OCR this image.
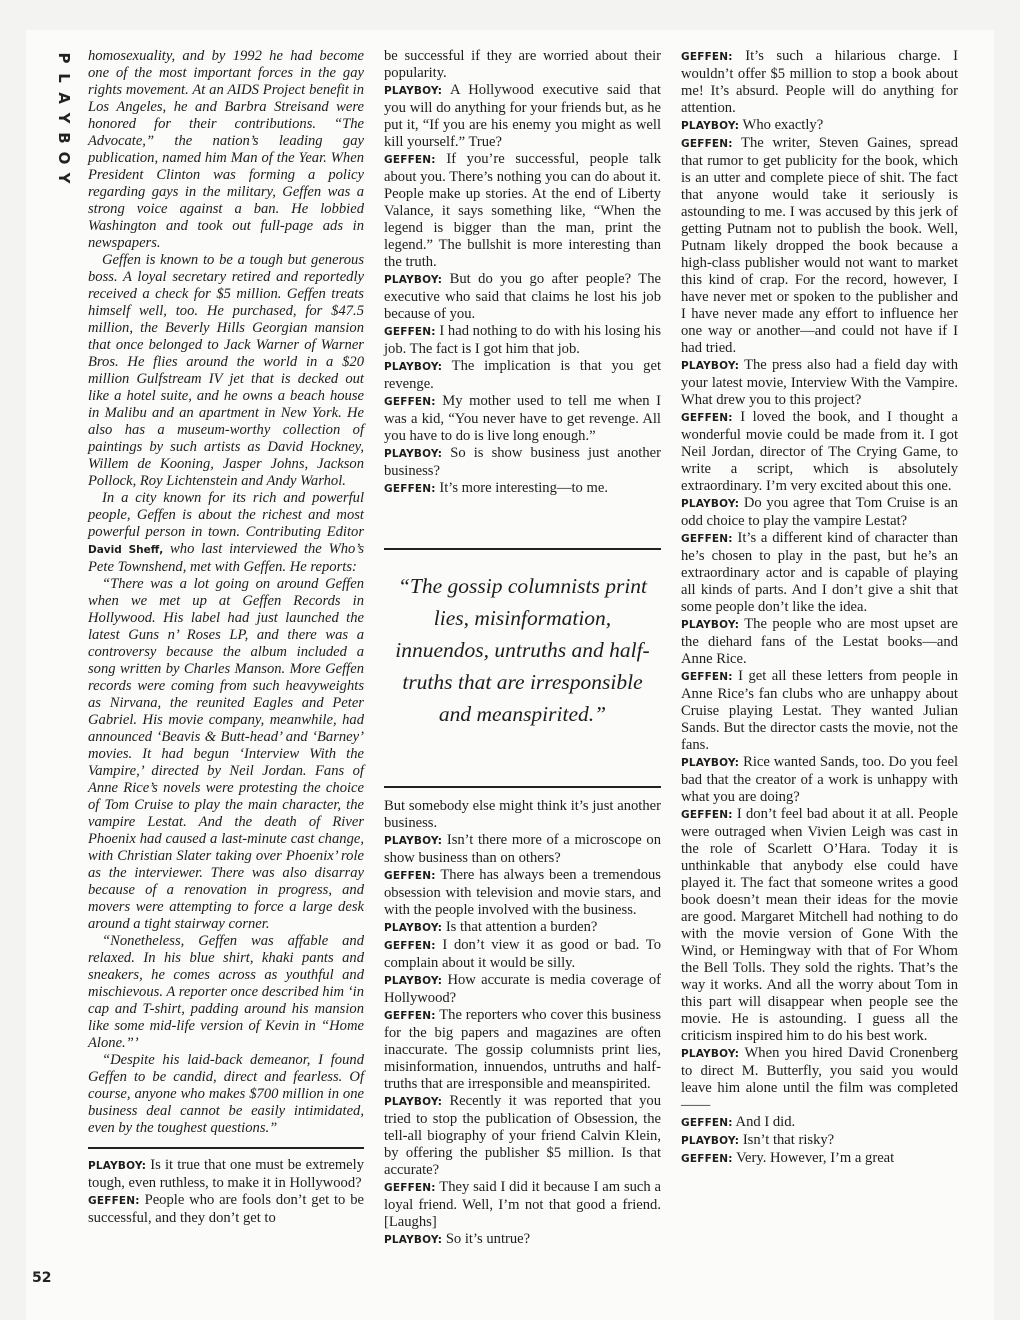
P
L
A
Y
B
O
Y

homosexuality, and by 1992 he had become one of the most important forces in the gay rights movement. At an AIDS Project benefit in Los Angeles, he and Barbra Streisand were honored for their contributions. “The Advocate,” the nation’s leading gay publication, named him Man of the Year. When President Clinton was forming a policy regarding gays in the military, Geffen was a strong voice against a ban. He lobbied Washington and took out full-page ads in newspapers.

Geffen is known to be a tough but generous boss. A loyal secretary retired and reportedly received a check for $5 million. Geffen treats himself well, too. He purchased, for $47.5 million, the Beverly Hills Georgian mansion that once belonged to Jack Warner of Warner Bros. He flies around the world in a $20 million Gulfstream IV jet that is decked out like a hotel suite, and he owns a beach house in Malibu and an apartment in New York. He also has a museum-worthy collection of paintings by such artists as David Hockney, Willem de Kooning, Jasper Johns, Jackson Pollock, Roy Lichtenstein and Andy Warhol.

In a city known for its rich and powerful people, Geffen is about the richest and most powerful person in town. Contributing Editor David Sheff, who last interviewed the Who’s Pete Townshend, met with Geffen. He reports:

“There was a lot going on around Geffen when we met up at Geffen Records in Hollywood. His label had just launched the latest Guns n’ Roses LP, and there was a controversy because the album included a song written by Charles Manson. More Geffen records were coming from such heavyweights as Nirvana, the reunited Eagles and Peter Gabriel. His movie company, meanwhile, had announced ‘Beavis & Butt-head’ and ‘Barney’ movies. It had begun ‘Interview With the Vampire,’ directed by Neil Jordan. Fans of Anne Rice’s novels were protesting the choice of Tom Cruise to play the main character, the vampire Lestat. And the death of River Phoenix had caused a last-minute cast change, with Christian Slater taking over Phoenix’ role as the interviewer. There was also disarray because of a renovation in progress, and movers were attempting to force a large desk around a tight stairway corner.

“Nonetheless, Geffen was affable and relaxed. In his blue shirt, khaki pants and sneakers, he comes across as youthful and mischievous. A reporter once described him ‘in cap and T-shirt, padding around his mansion like some mid-life version of Kevin in “Home Alone.”’

“Despite his laid-back demeanor, I found Geffen to be candid, direct and fearless. Of course, anyone who makes $700 million in one business deal cannot be easily intimidated, even by the toughest questions.”

PLAYBOY: Is it true that one must be extremely tough, even ruthless, to make it in Hollywood?

GEFFEN: People who are fools don’t get to be successful, and they don’t get to

be successful if they are worried about their popularity.

PLAYBOY: A Hollywood executive said that you will do anything for your friends but, as he put it, “If you are his enemy you might as well kill yourself.” True?

GEFFEN: If you’re successful, people talk about you. There’s nothing you can do about it. People make up stories. At the end of Liberty Valance, it says something like, “When the legend is bigger than the man, print the legend.” The bullshit is more interesting than the truth.

PLAYBOY: But do you go after people? The executive who said that claims he lost his job because of you.

GEFFEN: I had nothing to do with his losing his job. The fact is I got him that job.

PLAYBOY: The implication is that you get revenge.

GEFFEN: My mother used to tell me when I was a kid, “You never have to get revenge. All you have to do is live long enough.”

PLAYBOY: So is show business just another business?

GEFFEN: It’s more interesting—to me.

“The gossip columnists print lies, misinformation, innuendos, untruths and half-truths that are irresponsible and meanspirited.”

But somebody else might think it’s just another business.

PLAYBOY: Isn’t there more of a microscope on show business than on others?

GEFFEN: There has always been a tremendous obsession with television and movie stars, and with the people involved with the business.

PLAYBOY: Is that attention a burden?

GEFFEN: I don’t view it as good or bad. To complain about it would be silly.

PLAYBOY: How accurate is media coverage of Hollywood?

GEFFEN: The reporters who cover this business for the big papers and magazines are often inaccurate. The gossip columnists print lies, misinformation, innuendos, untruths and half-truths that are irresponsible and meanspirited.

PLAYBOY: Recently it was reported that you tried to stop the publication of Obsession, the tell-all biography of your friend Calvin Klein, by offering the publisher $5 million. Is that accurate?

GEFFEN: They said I did it because I am such a loyal friend. Well, I’m not that good a friend. [Laughs]

PLAYBOY: So it’s untrue?

GEFFEN: It’s such a hilarious charge. I wouldn’t offer $5 million to stop a book about me! It’s absurd. People will do anything for attention.

PLAYBOY: Who exactly?

GEFFEN: The writer, Steven Gaines, spread that rumor to get publicity for the book, which is an utter and complete piece of shit. The fact that anyone would take it seriously is astounding to me. I was accused by this jerk of getting Putnam not to publish the book. Well, Putnam likely dropped the book because a high-class publisher would not want to market this kind of crap. For the record, however, I have never met or spoken to the publisher and I have never made any effort to influence her one way or another—and could not have if I had tried.

PLAYBOY: The press also had a field day with your latest movie, Interview With the Vampire. What drew you to this project?

GEFFEN: I loved the book, and I thought a wonderful movie could be made from it. I got Neil Jordan, director of The Crying Game, to write a script, which is absolutely extraordinary. I’m very excited about this one.

PLAYBOY: Do you agree that Tom Cruise is an odd choice to play the vampire Lestat?

GEFFEN: It’s a different kind of character than he’s chosen to play in the past, but he’s an extraordinary actor and is capable of playing all kinds of parts. And I don’t give a shit that some people don’t like the idea.

PLAYBOY: The people who are most upset are the diehard fans of the Lestat books—and Anne Rice.

GEFFEN: I get all these letters from people in Anne Rice’s fan clubs who are unhappy about Cruise playing Lestat. They wanted Julian Sands. But the director casts the movie, not the fans.

PLAYBOY: Rice wanted Sands, too. Do you feel bad that the creator of a work is unhappy with what you are doing?

GEFFEN: I don’t feel bad about it at all. People were outraged when Vivien Leigh was cast in the role of Scarlett O’Hara. Today it is unthinkable that anybody else could have played it. The fact that someone writes a good book doesn’t mean their ideas for the movie are good. Margaret Mitchell had nothing to do with the movie version of Gone With the Wind, or Hemingway with that of For Whom the Bell Tolls. They sold the rights. That’s the way it works. And all the worry about Tom in this part will disappear when people see the movie. He is astounding. I guess all the criticism inspired him to do his best work.

PLAYBOY: When you hired David Cronenberg to direct M. Butterfly, you said you would leave him alone until the film was completed——

GEFFEN: And I did.

PLAYBOY: Isn’t that risky?

GEFFEN: Very. However, I’m a great

52
